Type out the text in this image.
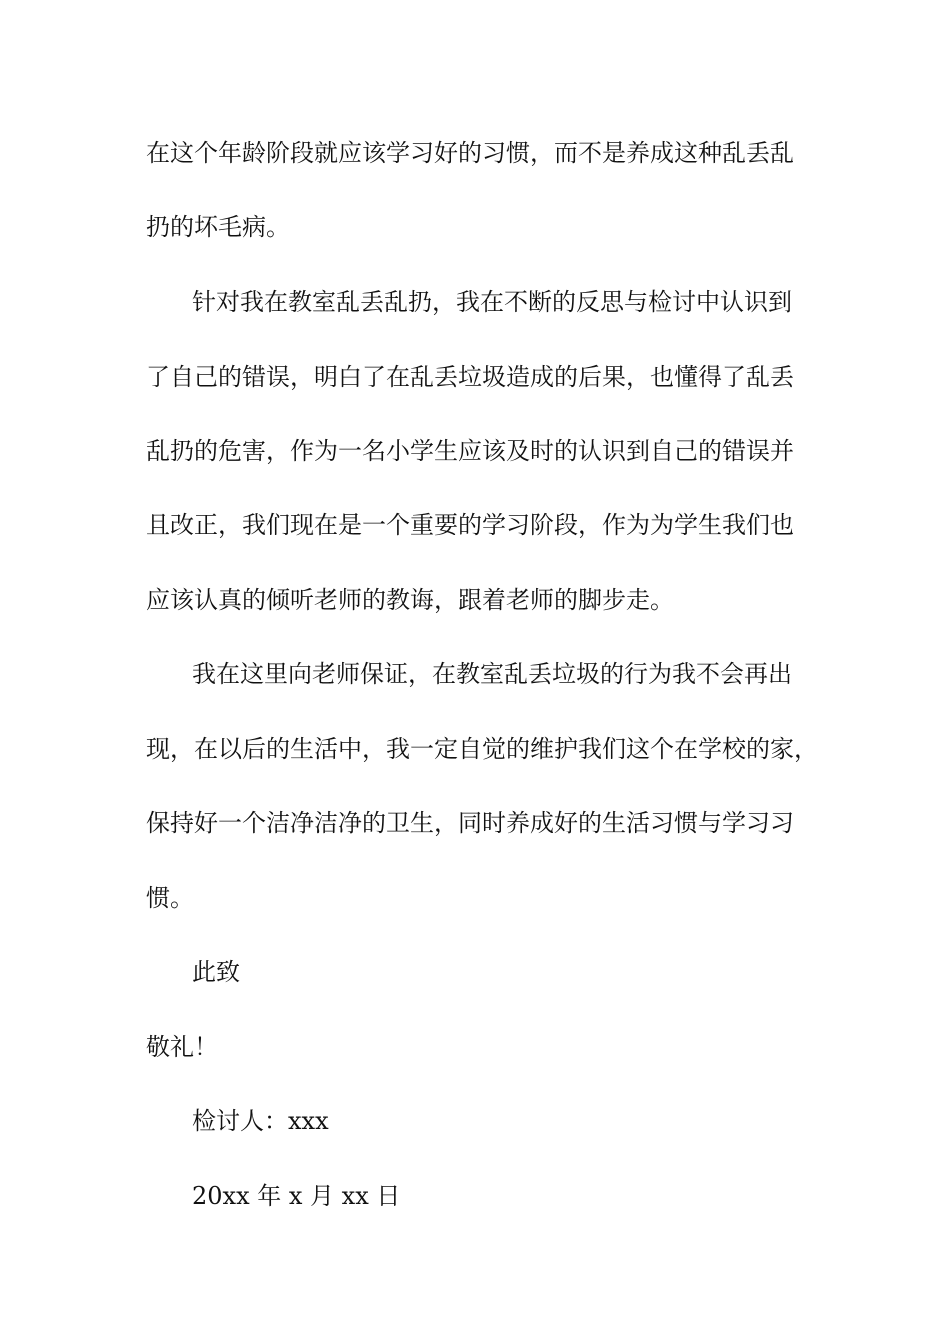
在这个年龄阶段就应该学习好的习惯，而不是养成这种乱丢乱
扔的坏毛病。
针对我在教室乱丢乱扔，我在不断的反思与检讨中认识到
了自己的错误，明白了在乱丢垃圾造成的后果，也懂得了乱丢
乱扔的危害，作为一名小学生应该及时的认识到自己的错误并
且改正，我们现在是一个重要的学习阶段，作为为学生我们也
应该认真的倾听老师的教诲，跟着老师的脚步走。
我在这里向老师保证，在教室乱丢垃圾的行为我不会再出
现，在以后的生活中，我一定自觉的维护我们这个在学校的家，
保持好一个洁净洁净的卫生，同时养成好的生活习惯与学习习
惯。
此致
敬礼！
检讨人：xxx
20xx 年 x 月 xx 日
